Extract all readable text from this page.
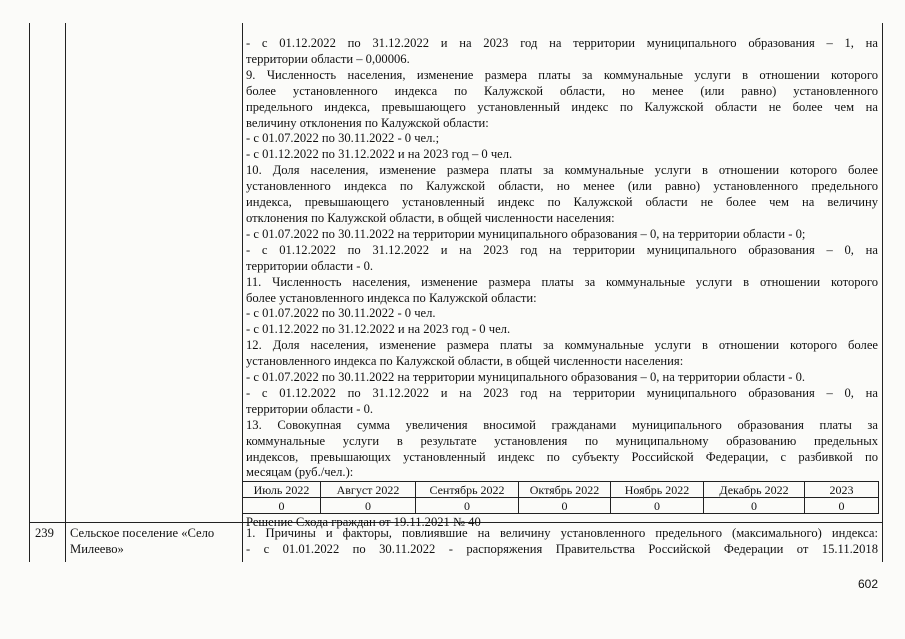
- с 01.12.2022 по 31.12.2022 и на 2023 год на территории муниципального образования – 1, на

территории области – 0,00006.

9. Численность населения, изменение размера платы за коммунальные услуги в отношении которого

более установленного индекса по Калужской области, но менее (или равно) установленного

предельного индекса, превышающего установленный индекс по Калужской области не более чем на

величину отклонения по Калужской области:

- с 01.07.2022 по 30.11.2022 - 0 чел.;

- с 01.12.2022 по 31.12.2022 и на 2023 год – 0 чел.

10. Доля населения, изменение размера платы за коммунальные услуги в отношении которого более

установленного индекса по Калужской области, но менее (или равно) установленного предельного

индекса, превышающего установленный индекс по Калужской области не более чем на величину

отклонения по Калужской области, в общей численности населения:

- с 01.07.2022 по 30.11.2022 на территории муниципального образования – 0, на территории области - 0;

- с 01.12.2022 по 31.12.2022 и на 2023 год на территории муниципального образования – 0, на

территории области - 0.

11. Численность населения, изменение размера платы за коммунальные услуги в отношении которого

более установленного индекса по Калужской области:

- с 01.07.2022 по 30.11.2022 - 0 чел.

- с 01.12.2022 по 31.12.2022 и на 2023 год - 0 чел.

12. Доля населения, изменение размера платы за коммунальные услуги в отношении которого более

установленного индекса по Калужской области, в общей численности населения:

- с 01.07.2022 по 30.11.2022 на территории муниципального образования – 0, на территории области - 0.

- с 01.12.2022 по 31.12.2022 и на 2023 год на территории муниципального образования – 0, на

территории области - 0.

13. Совокупная сумма увеличения вносимой гражданами муниципального образования платы за

коммунальные услуги в результате установления по муниципальному образованию предельных

индексов, превышающих установленный индекс по субъекту Российской Федерации, с разбивкой по

месяцам (руб./чел.):

Июль 2022	Август 2022	Сентябрь 2022	Октябрь 2022	Ноябрь 2022	Декабрь 2022	2023
0	0	0	0	0	0	0

Решение Схода граждан от 19.11.2021 № 40

239 Сельское поселение «Село Милеево»

1. Причины и факторы, повлиявшие на величину установленного предельного (максимального) индекса:

- с 01.01.2022 по 30.11.2022 - распоряжения Правительства Российской Федерации от 15.11.2018

602
